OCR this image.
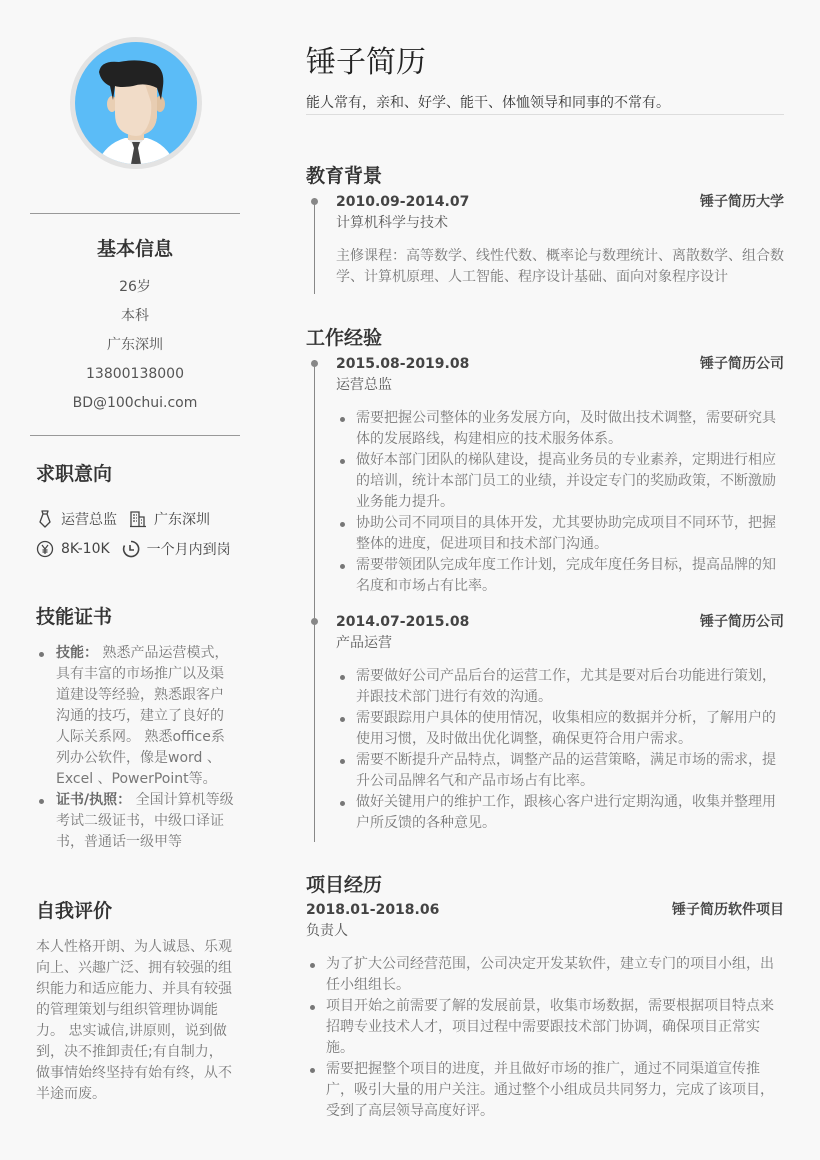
基本信息
26岁
本科
广东深圳
13800138000
BD@100chui.com
求职意向
运营总监	广东深圳
8K-10K	一个月内到岗
技能证书
技能： 熟悉产品运营模式，具有丰富的市场推广以及渠道建设等经验，熟悉跟客户沟通的技巧，建立了良好的人际关系网。 熟悉office系列办公软件，像是word 、Excel 、PowerPoint等。
证书/执照： 全国计算机等级考试二级证书，中级口译证书，普通话一级甲等
自我评价

本人性格开朗、为人诚恳、乐观向上、兴趣广泛、拥有较强的组织能力和适应能力、并具有较强的管理策划与组织管理协调能力。 忠实诚信,讲原则，说到做到，决不推卸责任;有自制力，做事情始终坚持有始有终，从不半途而废。

锤子简历

能人常有，亲和、好学、能干、体恤领导和同事的不常有。

教育背景
2010.09-2014.07	锤子简历大学
计算机科学与技术

主修课程：高等数学、线性代数、概率论与数理统计、离散数学、组合数学、计算机原理、人工智能、程序设计基础、面向对象程序设计

工作经验
2015.08-2019.08	锤子简历公司
运营总监
需要把握公司整体的业务发展方向，及时做出技术调整，需要研究具体的发展路线，构建相应的技术服务体系。
做好本部门团队的梯队建设，提高业务员的专业素养，定期进行相应的培训，统计本部门员工的业绩，并设定专门的奖励政策，不断激励业务能力提升。
协助公司不同项目的具体开发，尤其要协助完成项目不同环节，把握整体的进度，促进项目和技术部门沟通。
需要带领团队完成年度工作计划，完成年度任务目标，提高品牌的知名度和市场占有比率。
2014.07-2015.08	锤子简历公司
产品运营
需要做好公司产品后台的运营工作，尤其是要对后台功能进行策划，并跟技术部门进行有效的沟通。
需要跟踪用户具体的使用情况，收集相应的数据并分析，了解用户的使用习惯，及时做出优化调整，确保更符合用户需求。
需要不断提升产品特点，调整产品的运营策略，满足市场的需求，提升公司品牌名气和产品市场占有比率。
做好关键用户的维护工作，跟核心客户进行定期沟通，收集并整理用户所反馈的各种意见。
项目经历
2018.01-2018.06	锤子简历软件项目
负责人
为了扩大公司经营范围，公司决定开发某软件，建立专门的项目小组，出任小组组长。
项目开始之前需要了解的发展前景，收集市场数据，需要根据项目特点来招聘专业技术人才，项目过程中需要跟技术部门协调，确保项目正常实施。
需要把握整个项目的进度，并且做好市场的推广，通过不同渠道宣传推广，吸引大量的用户关注。通过整个小组成员共同努力，完成了该项目，受到了高层领导高度好评。
